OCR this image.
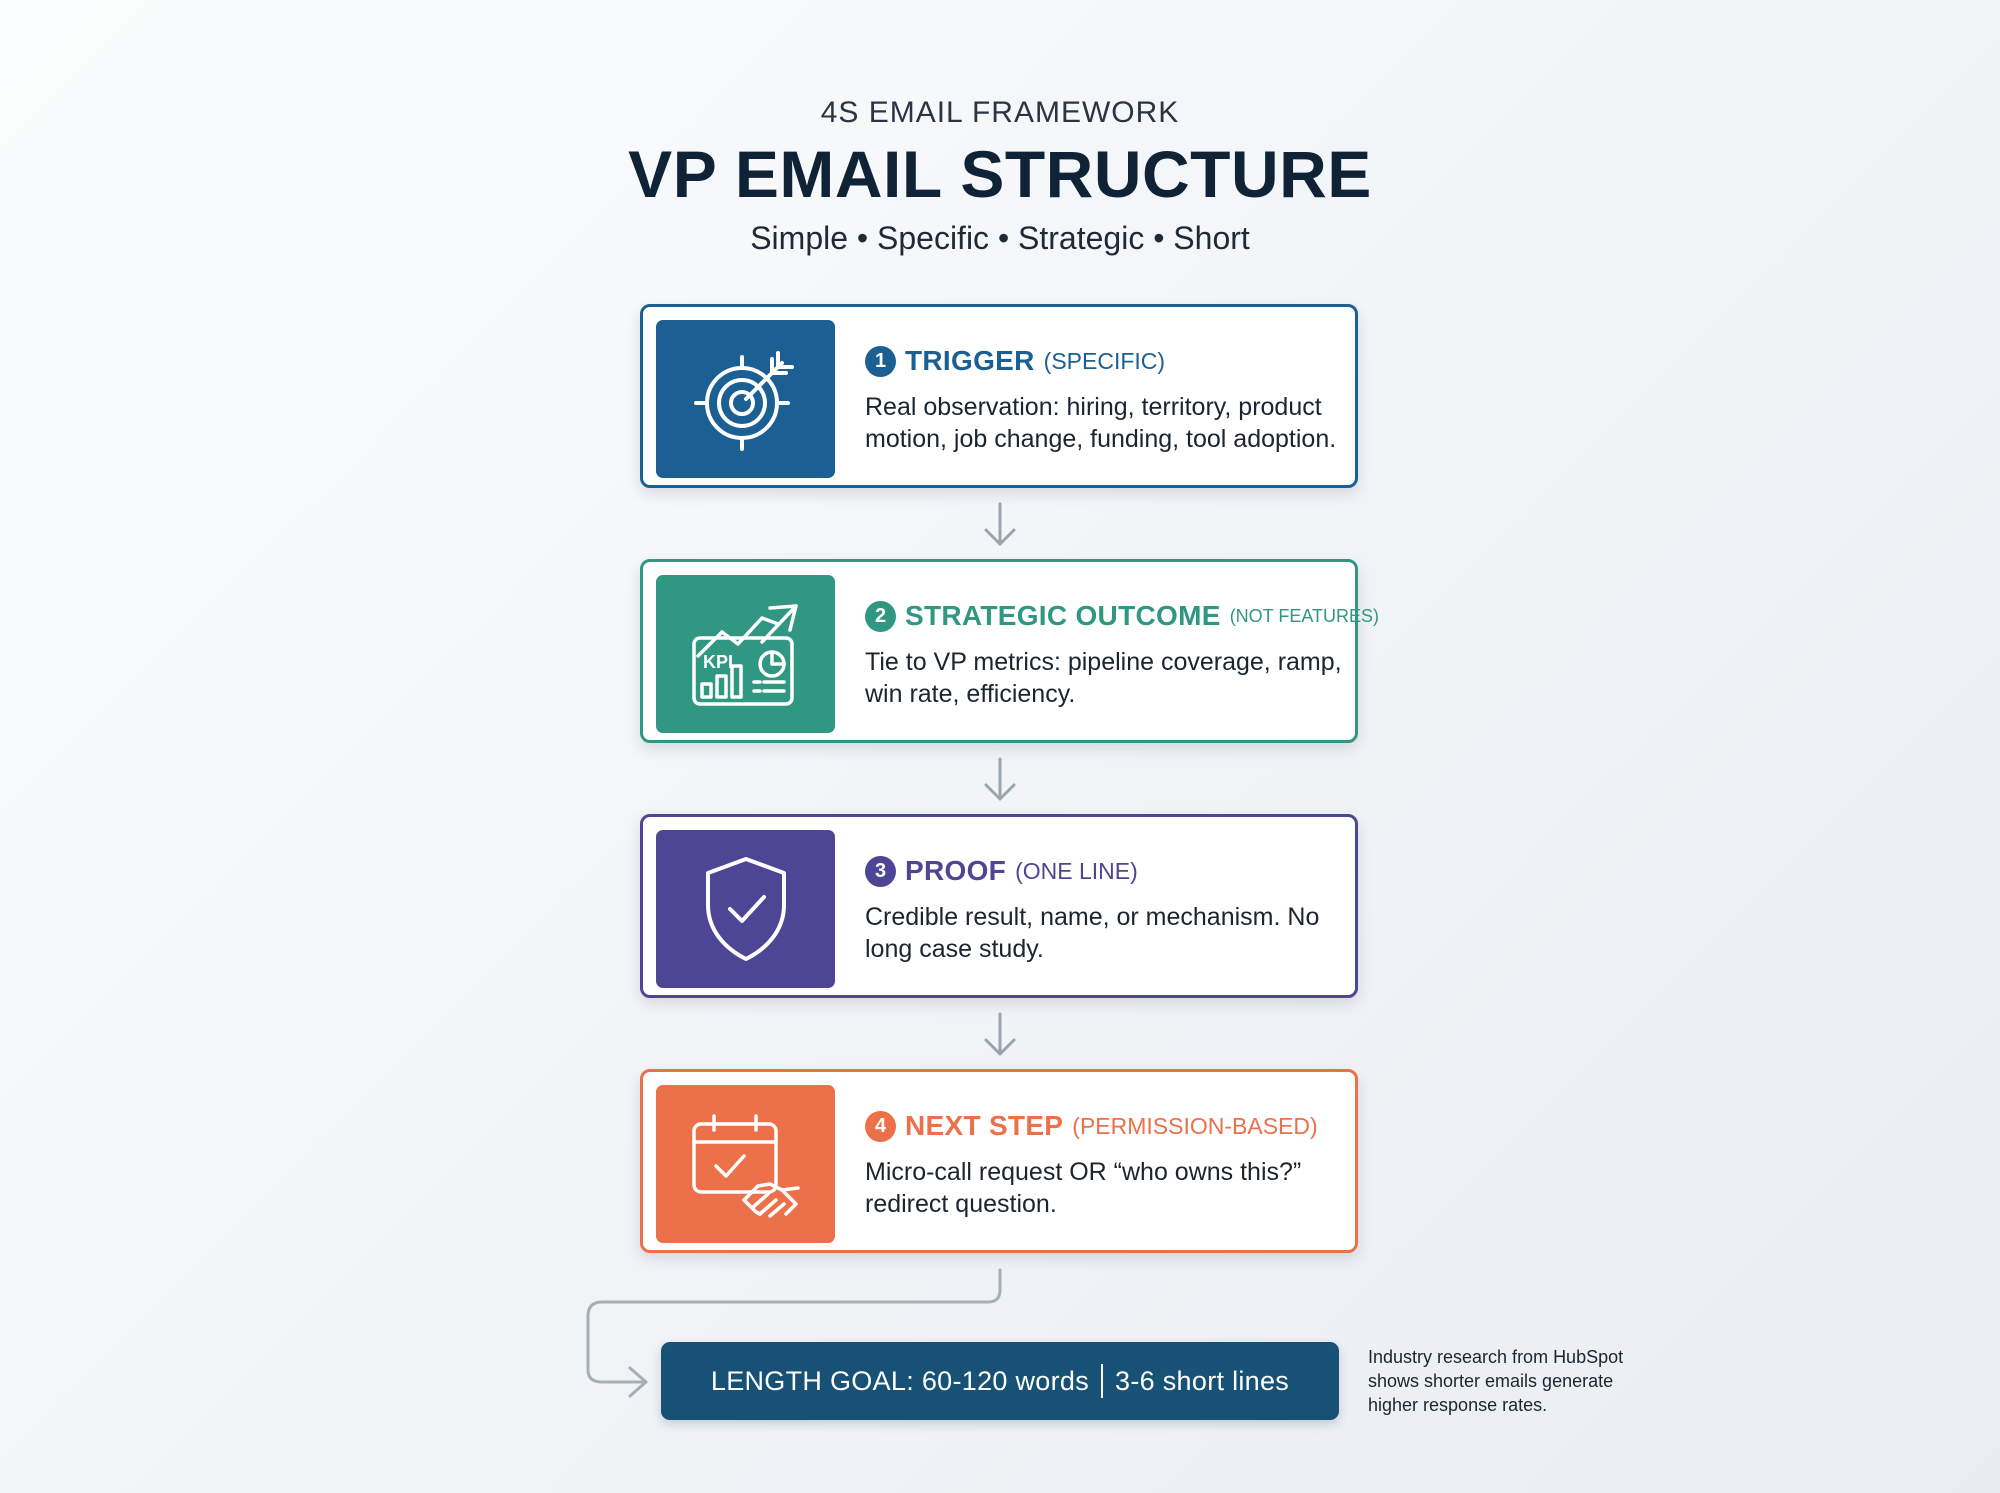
4S EMAIL FRAMEWORK
VP EMAIL STRUCTURE
Simple • Specific • Strategic • Short
1 TRIGGER (SPECIFIC)
Real observation: hiring, territory, product motion, job change, funding, tool adoption.
KPI
2 STRATEGIC OUTCOME (NOT FEATURES)
Tie to VP metrics: pipeline coverage, ramp, win rate, efficiency.
3 PROOF (ONE LINE)
Credible result, name, or mechanism. No long case study.
4 NEXT STEP (PERMISSION-BASED)
Micro-call request OR “who owns this?” redirect question.
LENGTH GOAL: 60-120 words 3-6 short lines
Industry research from HubSpot shows shorter emails generate higher response rates.
